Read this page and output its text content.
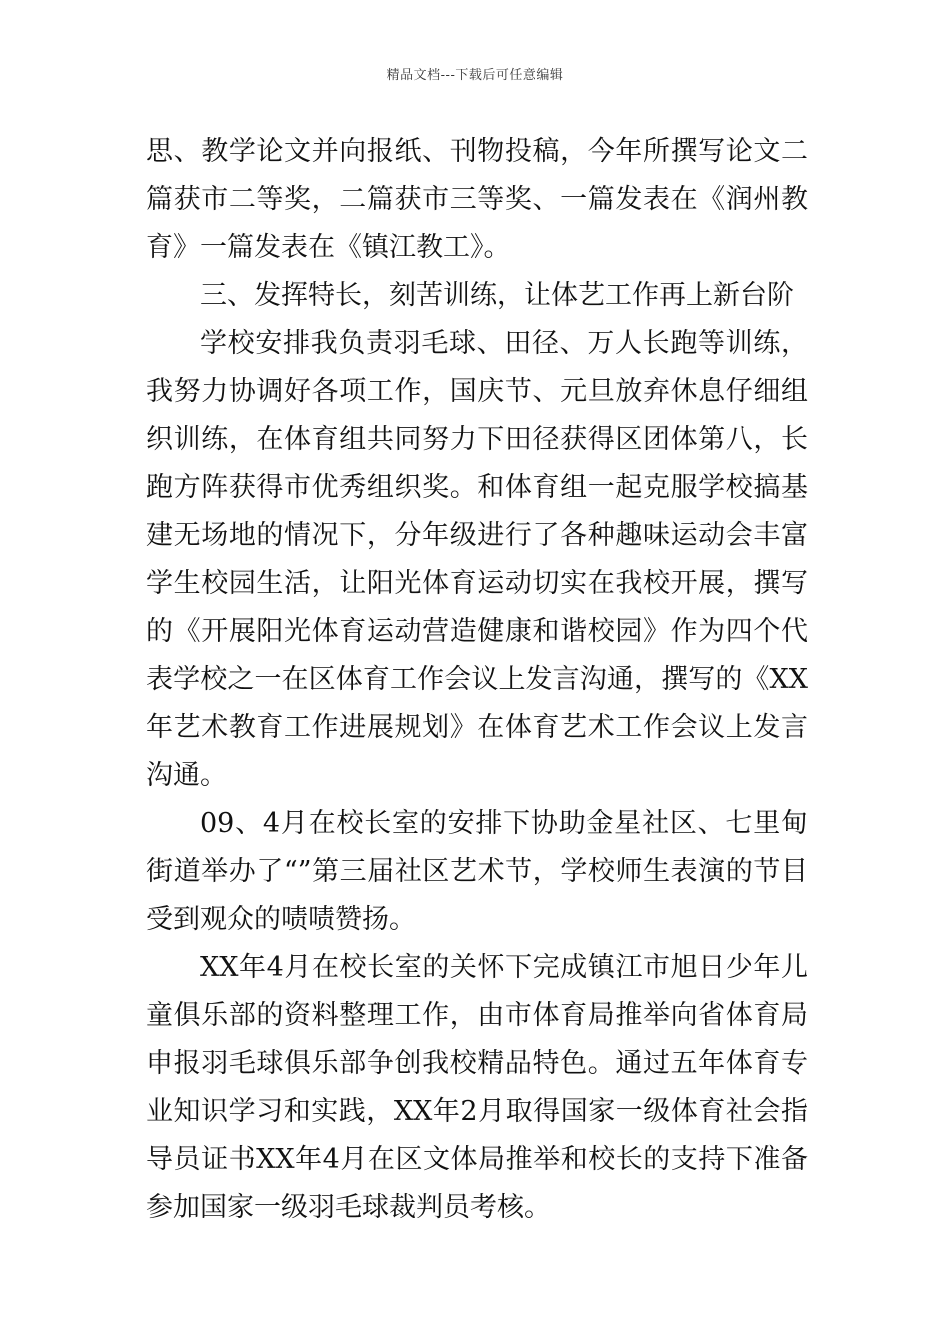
精品文档---下载后可任意编辑

思、教学论文并向报纸、刊物投稿，今年所撰写论文二篇获市二等奖，二篇获市三等奖、一篇发表在《润州教育》一篇发表在《镇江教工》。

三、发挥特长，刻苦训练，让体艺工作再上新台阶

学校安排我负责羽毛球、田径、万人长跑等训练，我努力协调好各项工作，国庆节、元旦放弃休息仔细组织训练，在体育组共同努力下田径获得区团体第八，长跑方阵获得市优秀组织奖。和体育组一起克服学校搞基建无场地的情况下，分年级进行了各种趣味运动会丰富学生校园生活，让阳光体育运动切实在我校开展，撰写的《开展阳光体育运动营造健康和谐校园》作为四个代表学校之一在区体育工作会议上发言沟通，撰写的《XX年艺术教育工作进展规划》在体育艺术工作会议上发言沟通。

09、4月在校长室的安排下协助金星社区、七里甸街道举办了“”第三届社区艺术节，学校师生表演的节目受到观众的啧啧赞扬。

XX年4月在校长室的关怀下完成镇江市旭日少年儿童俱乐部的资料整理工作，由市体育局推举向省体育局申报羽毛球俱乐部争创我校精品特色。通过五年体育专业知识学习和实践，XX年2月取得国家一级体育社会指导员证书XX年4月在区文体局推举和校长的支持下准备参加国家一级羽毛球裁判员考核。
